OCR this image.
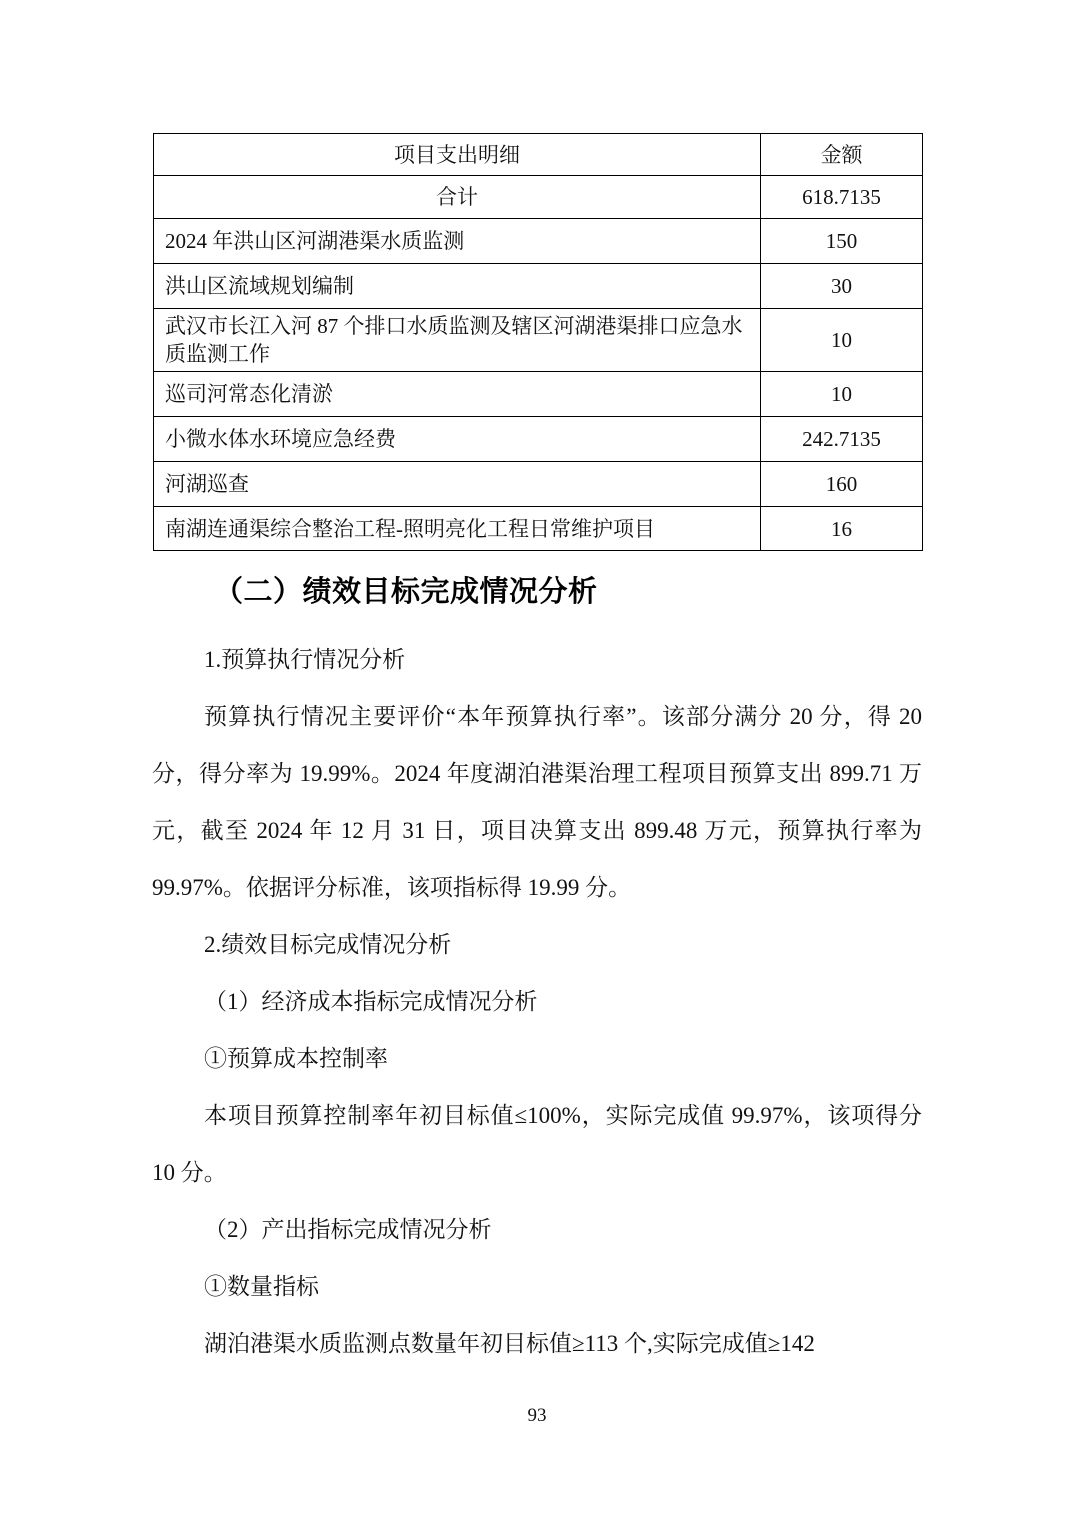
项目支出明细	金额
合计	618.7135
2024 年洪山区河湖港渠水质监测	150
洪山区流域规划编制	30
武汉市长江入河 87 个排口水质监测及辖区河湖港渠排口应急水质监测工作	10
巡司河常态化清淤	10
小微水体水环境应急经费	242.7135
河湖巡查	160
南湖连通渠综合整治工程-照明亮化工程日常维护项目	16
（二）绩效目标完成情况分析

1.预算执行情况分析

预算执行情况主要评价“本年预算执行率”。该部分满分 20 分，得 20 分，得分率为 19.99%。2024 年度湖泊港渠治理工程项目预算支出 899.71 万元，截至 2024 年 12 月 31 日，项目决算支出 899.48 万元，预算执行率为 99.97%。依据评分标准，该项指标得 19.99 分。

2.绩效目标完成情况分析

（1）经济成本指标完成情况分析

①预算成本控制率

本项目预算控制率年初目标值≤100%，实际完成值 99.97%，该项得分 10 分。

（2）产出指标完成情况分析

①数量指标

湖泊港渠水质监测点数量年初目标值≥113 个,实际完成值≥142

93
